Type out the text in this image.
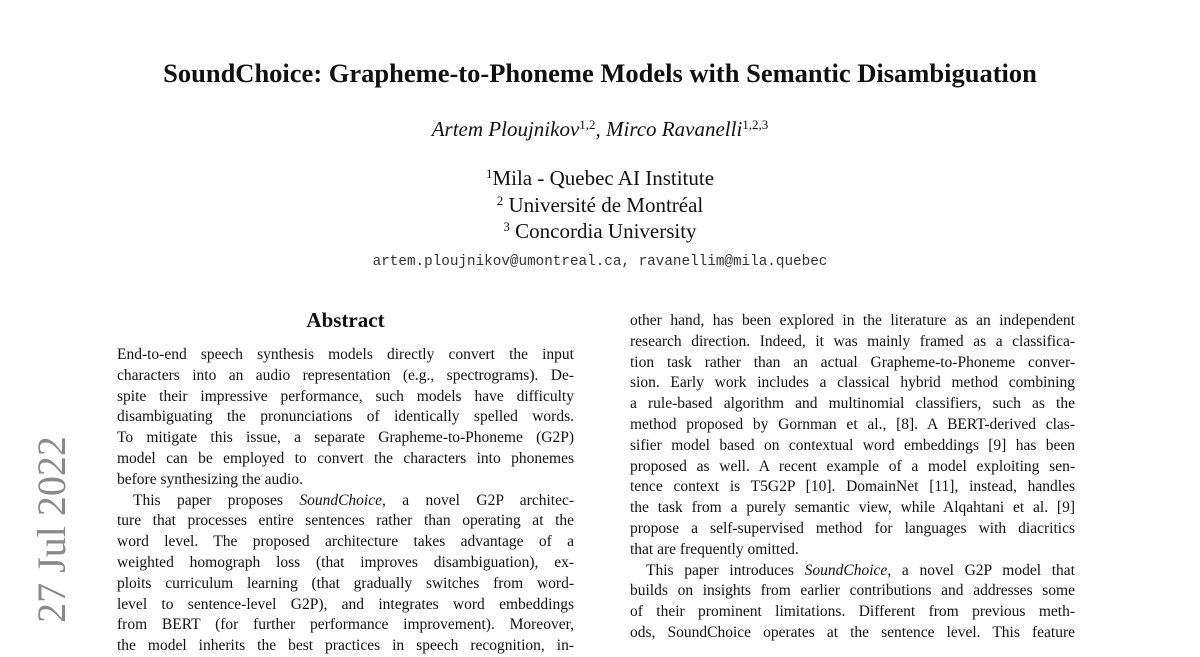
SoundChoice: Grapheme-to-Phoneme Models with Semantic Disambiguation
Artem Ploujnikov$^{1,2}$, Mirco Ravanelli$^{1,2,3}$
$^1$Mila - Quebec AI Institute
$^2$ Université de Montréal
$^3$ Concordia University
artem.ploujnikov@umontreal.ca, ravanellim@mila.quebec
27 Jul 2022
Abstract
End-to-end speech synthesis models directly convert the input
characters into an audio representation (e.g., spectrograms). De-
spite their impressive performance, such models have difficulty
disambiguating the pronunciations of identically spelled words.
To mitigate this issue, a separate Grapheme-to-Phoneme (G2P)
model can be employed to convert the characters into phonemes
before synthesizing the audio.
This paper proposes SoundChoice, a novel G2P architec-
ture that processes entire sentences rather than operating at the
word level. The proposed architecture takes advantage of a
weighted homograph loss (that improves disambiguation), ex-
ploits curriculum learning (that gradually switches from word-
level to sentence-level G2P), and integrates word embeddings
from BERT (for further performance improvement). Moreover,
the model inherits the best practices in speech recognition, in-
other hand, has been explored in the literature as an independent
research direction. Indeed, it was mainly framed as a classifica-
tion task rather than an actual Grapheme-to-Phoneme conver-
sion. Early work includes a classical hybrid method combining
a rule-based algorithm and multinomial classifiers, such as the
method proposed by Gornman et al., [8]. A BERT-derived clas-
sifier model based on contextual word embeddings [9] has been
proposed as well. A recent example of a model exploiting sen-
tence context is T5G2P [10]. DomainNet [11], instead, handles
the task from a purely semantic view, while Alqahtani et al. [9]
propose a self-supervised method for languages with diacritics
that are frequently omitted.
This paper introduces SoundChoice, a novel G2P model that
builds on insights from earlier contributions and addresses some
of their prominent limitations. Different from previous meth-
ods, SoundChoice operates at the sentence level. This feature
